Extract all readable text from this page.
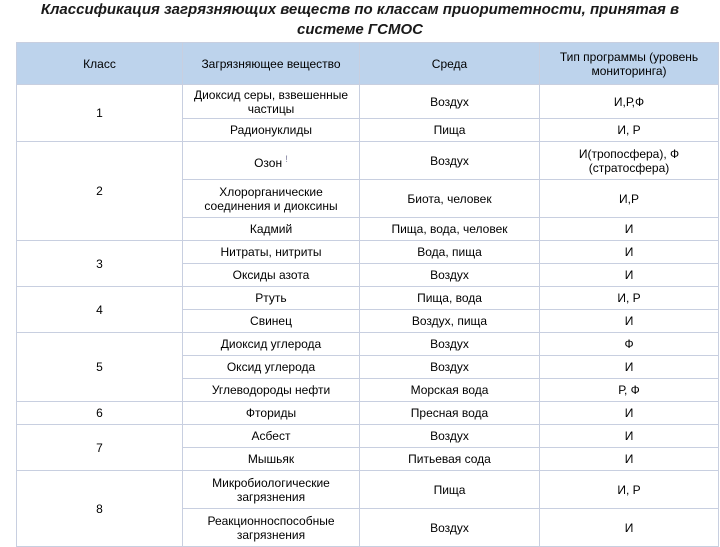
Классификация загрязняющих веществ по классам приоритетности, принятая в
системе ГСМОС
Класс	Загрязняющее вещество	Среда	Тип программы (уровень мониторинга)
1	Диоксид серы, взвешенные частицы	Воздух	И,Р,Ф
	Радионуклиды	Пища	И, Р
2	Озон !	Воздух	И(тропосфера), Ф (стратосфера)
	Хлорорганические соединения и диоксины	Биота, человек	И,Р
	Кадмий	Пища, вода, человек	И
3	Нитраты, нитриты	Вода, пища	И
	Оксиды азота	Воздух	И
4	Ртуть	Пища, вода	И, Р
	Свинец	Воздух, пища	И
5	Диоксид углерода	Воздух	Ф
	Оксид углерода	Воздух	И
	Углеводороды нефти	Морская вода	Р, Ф
6	Фториды	Пресная вода	И
7	Асбест	Воздух	И
	Мышьяк	Питьевая сода	И
8	Микробиологические загрязнения	Пища	И, Р
	Реакционноспособные загрязнения	Воздух	И
